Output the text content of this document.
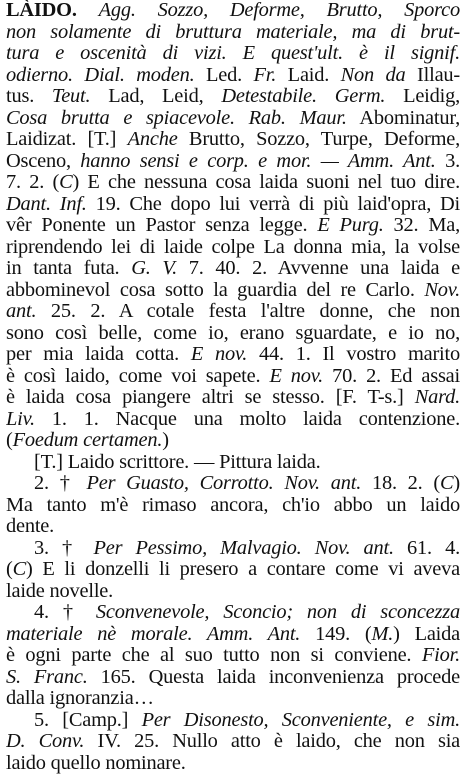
LÀIDO. Agg. Sozzo, Deforme, Brutto, Sporco
non solamente di bruttura materiale, ma di brut-
tura e oscenità di vizi. E quest'ult. è il signif.
odierno. Dial. moden. Led. Fr. Laid. Non da Illau-
tus. Teut. Lad, Leid, Detestabile. Germ. Leidig,
Cosa brutta e spiacevole. Rab. Maur. Abominatur,
Laidizat. [T.] Anche Brutto, Sozzo, Turpe, Deforme,
Osceno, hanno sensi e corp. e mor. — Amm. Ant. 3.
7. 2. (C) E che nessuna cosa laida suoni nel tuo dire.
Dant. Inf. 19. Che dopo lui verrà di più laid'opra, Di
vêr Ponente un Pastor senza legge. E Purg. 32. Ma,
riprendendo lei di laide colpe La donna mia, la volse
in tanta futa. G. V. 7. 40. 2. Avvenne una laida e
abbominevol cosa sotto la guardia del re Carlo. Nov.
ant. 25. 2. A cotale festa l'altre donne, che non
sono così belle, come io, erano sguardate, e io no,
per mia laida cotta. E nov. 44. 1. Il vostro marito
è così laido, come voi sapete. E nov. 70. 2. Ed assai
è laida cosa piangere altri se stesso. [F. T-s.] Nard.
Liv. 1. 1. Nacque una molto laida contenzione.
(Foedum certamen.)
[T.] Laido scrittore. — Pittura laida.
2. † Per Guasto, Corrotto. Nov. ant. 18. 2. (C)
Ma tanto m'è rimaso ancora, ch'io abbo un laido
dente.
3. † Per Pessimo, Malvagio. Nov. ant. 61. 4.
(C) E li donzelli li presero a contare come vi aveva
laide novelle.
4. † Sconvenevole, Sconcio; non di sconcezza
materiale nè morale. Amm. Ant. 149. (M.) Laida
è ogni parte che al suo tutto non si conviene. Fior.
S. Franc. 165. Questa laida inconvenienza procede
dalla ignoranzia…
5. [Camp.] Per Disonesto, Sconveniente, e sim.
D. Conv. IV. 25. Nullo atto è laido, che non sia
laido quello nominare.
